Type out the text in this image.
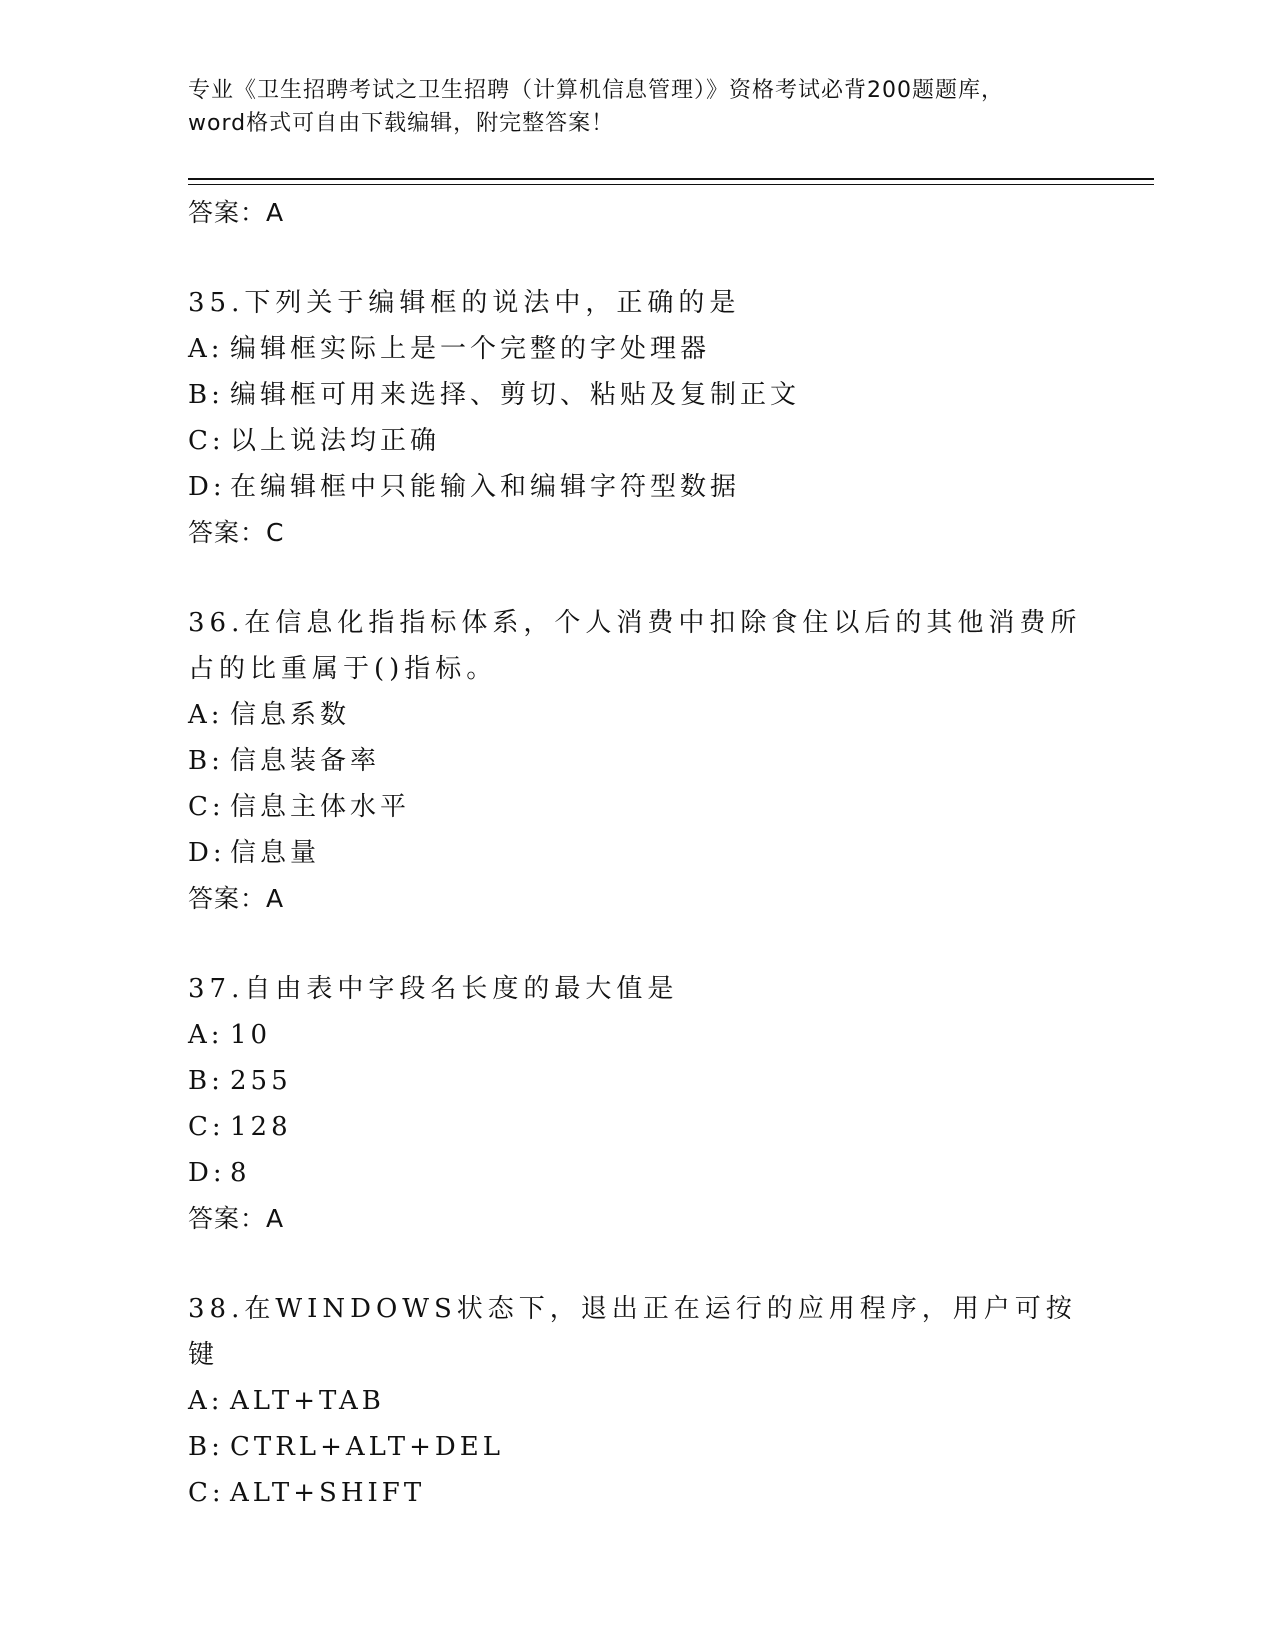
专业《卫生招聘考试之卫生招聘（计算机信息管理）》资格考试必背200题题库，
word格式可自由下载编辑，附完整答案！
答案：A
35.下列关于编辑框的说法中，正确的是
A: 编辑框实际上是一个完整的字处理器
B: 编辑框可用来选择、剪切、粘贴及复制正文
C: 以上说法均正确
D: 在编辑框中只能输入和编辑字符型数据
答案：C
36.在信息化指指标体系，个人消费中扣除食住以后的其他消费所占的比重属于()指标。
A: 信息系数
B: 信息装备率
C: 信息主体水平
D: 信息量
答案：A
37.自由表中字段名长度的最大值是
A: 10
B: 255
C: 128
D: 8
答案：A
38.在WINDOWS状态下，退出正在运行的应用程序，用户可按键
A: ALT+TAB
B: CTRL+ALT+DEL
C: ALT+SHIFT
